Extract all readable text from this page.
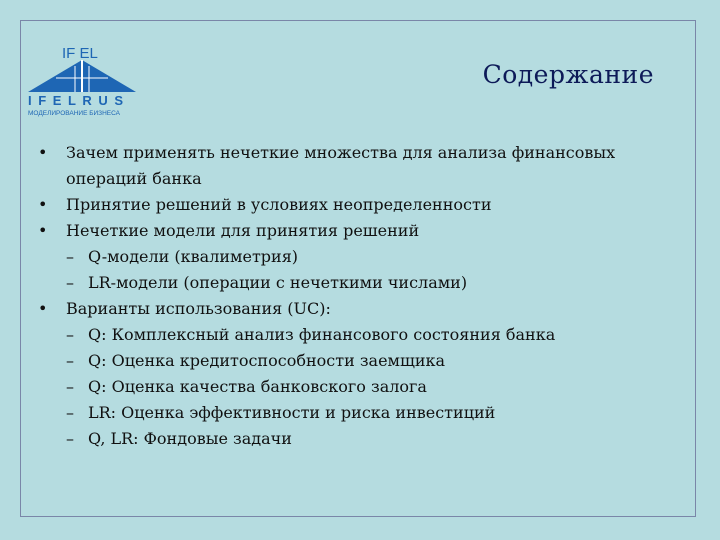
IF EL
I F E L R U S
МОДЕЛИРОВАНИЕ БИЗНЕСА
Содержание
• Зачем применять нечеткие множества для анализа финансовых
операций банка
• Принятие решений в условиях неопределенности
• Нечеткие модели для принятия решений
– Q-модели (квалиметрия)
– LR-модели (операции с нечеткими числами)
• Варианты использования (UC):
– Q: Комплексный анализ финансового состояния банка
– Q: Оценка кредитоспособности заемщика
– Q: Оценка качества банковского залога
– LR: Оценка эффективности и риска инвестиций
– Q, LR: Фондовые задачи
